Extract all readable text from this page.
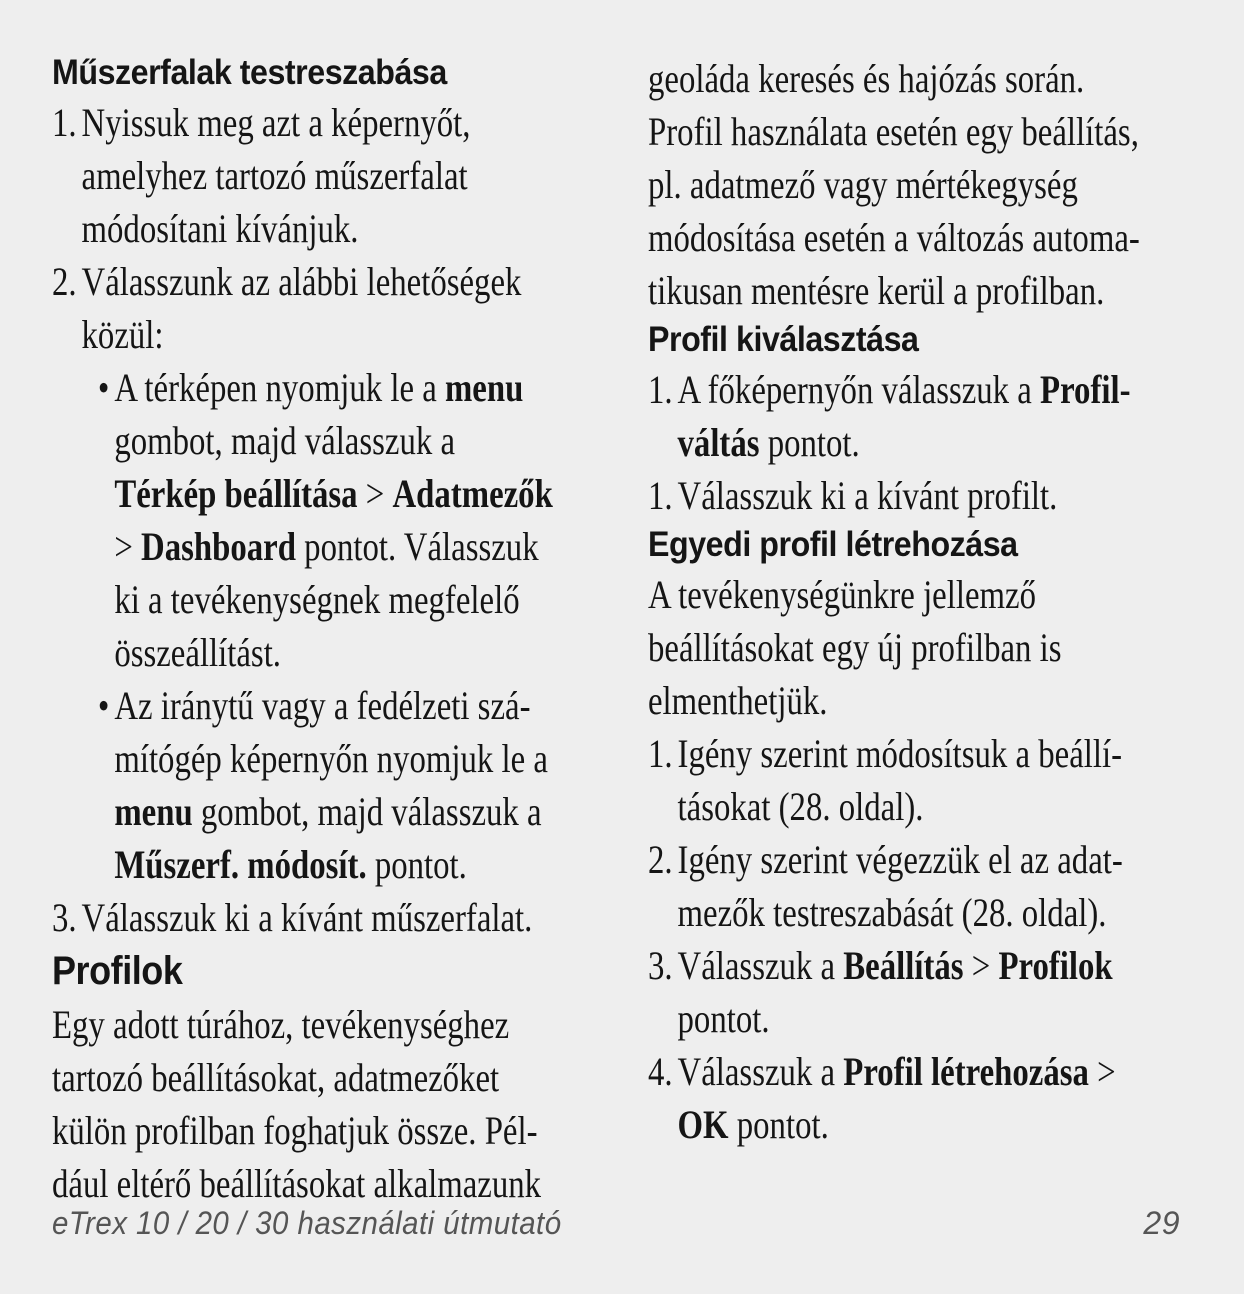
Műszerfalak testreszabása

1. Nyissuk meg azt a képernyőt,

amelyhez tartozó műszerfalat

módosítani kívánjuk.

2. Válasszunk az alábbi lehetőségek

közül:

• A térképen nyomjuk le a menu

gombot, majd válasszuk a

Térkép beállítása > Adatmezők

> Dashboard pontot. Válasszuk

ki a tevékenységnek megfelelő

összeállítást.

• Az iránytű vagy a fedélzeti szá-

mítógép képernyőn nyomjuk le a

menu gombot, majd válasszuk a

Műszerf. módosít. pontot.

3. Válasszuk ki a kívánt műszerfalat.

Profilok

Egy adott túrához, tevékenységhez

tartozó beállításokat, adatmezőket

külön profilban foghatjuk össze. Pél-

dául eltérő beállításokat alkalmazunk

geoláda keresés és hajózás során.

Profil használata esetén egy beállítás,

pl. adatmező vagy mértékegység

módosítása esetén a változás automa-

tikusan mentésre kerül a profilban.

Profil kiválasztása

1. A főképernyőn válasszuk a Profil-

váltás pontot.

1. Válasszuk ki a kívánt profilt.

Egyedi profil létrehozása

A tevékenységünkre jellemző

beállításokat egy új profilban is

elmenthetjük.

1. Igény szerint módosítsuk a beállí-

tásokat (28. oldal).

2. Igény szerint végezzük el az adat-

mezők testreszabását (28. oldal).

3. Válasszuk a Beállítás > Profilok

pontot.

4. Válasszuk a Profil létrehozása >

OK pontot.

eTrex 10 / 20 / 30 használati útmutató	29
